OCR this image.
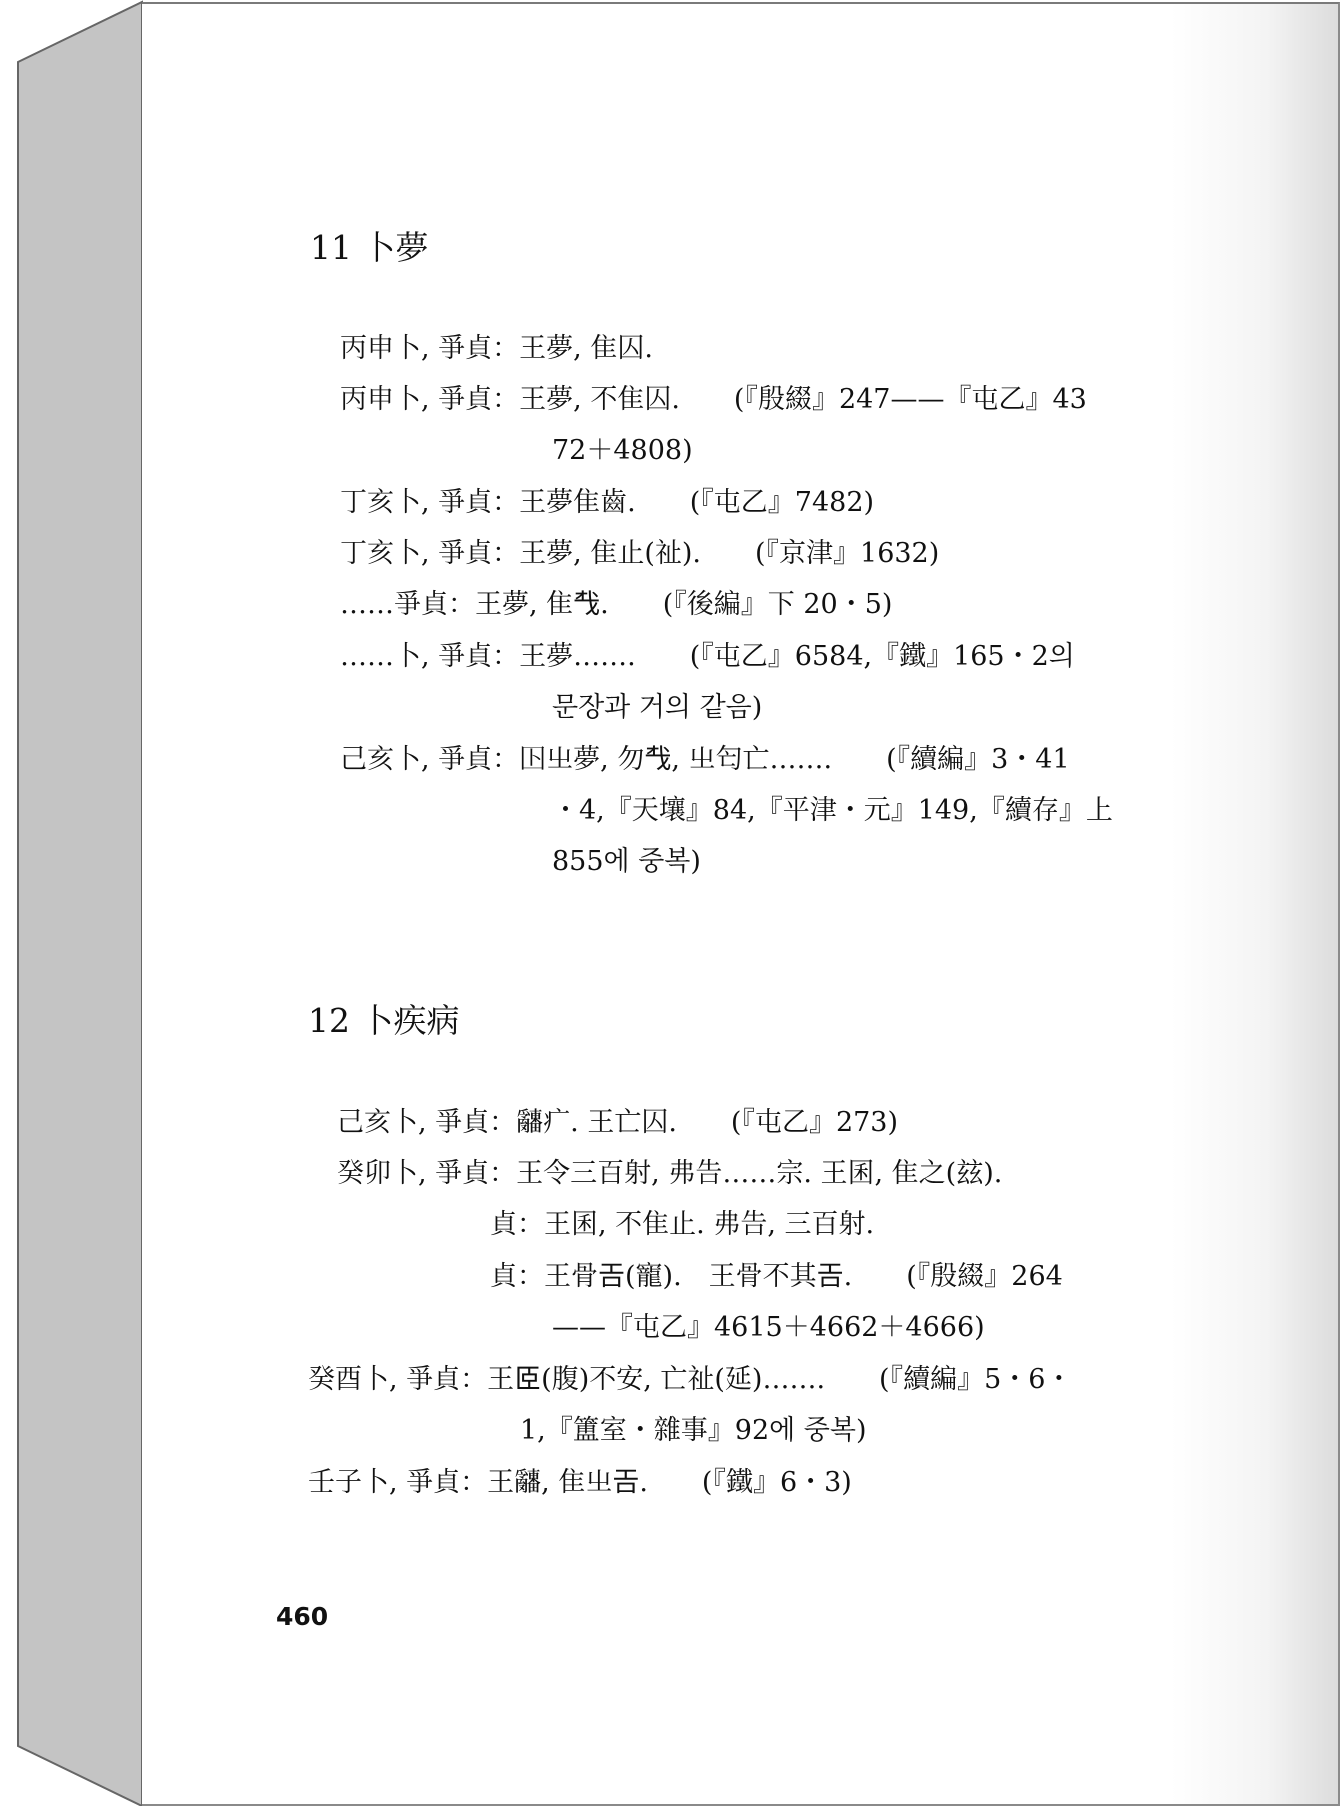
11 卜夢
丙申卜, 爭貞：王夢, 隹囚.
丙申卜, 爭貞：王夢, 不隹囚.　　(『殷綴』247——『屯乙』43
72＋4808)
丁亥卜, 爭貞：王夢隹齒.　　(『屯乙』7482)
丁亥卜, 爭貞：王夢, 隹止(祉).　　(『京津』1632)
……爭貞：王夢, 隹𢦔.　　(『後編』下 20・5)
……卜, 爭貞：王夢…….　　(『屯乙』6584,『鐵』165・2의
문장과 거의 같음)
己亥卜, 爭貞：𡆥㞢夢, 勿𢦔, 㞢匄亡…….　　(『續編』3・41
・4,『天壤』84,『平津・元』149,『續存』上
855에 중복)
12 卜疾病
己亥卜, 爭貞：𤕌疒. 王亡囚.　　(『屯乙』273)
癸卯卜, 爭貞：王令三百射, 弗告……宗. 王囷, 隹之(玆).
貞：王囷, 不隹止. 弗告, 三百射.
貞：王骨𢀛(寵).　王骨不其𢀛.　　(『殷綴』264
——『屯乙』4615＋4662＋4666)
癸酉卜, 爭貞：王𦣞(腹)不安, 亡祉(延)…….　　(『續編』5・6・
1,『簠室・雜事』92에 중복)
壬子卜, 爭貞：王𤕌, 隹㞢𢀛.　　(『鐵』6・3)
460
